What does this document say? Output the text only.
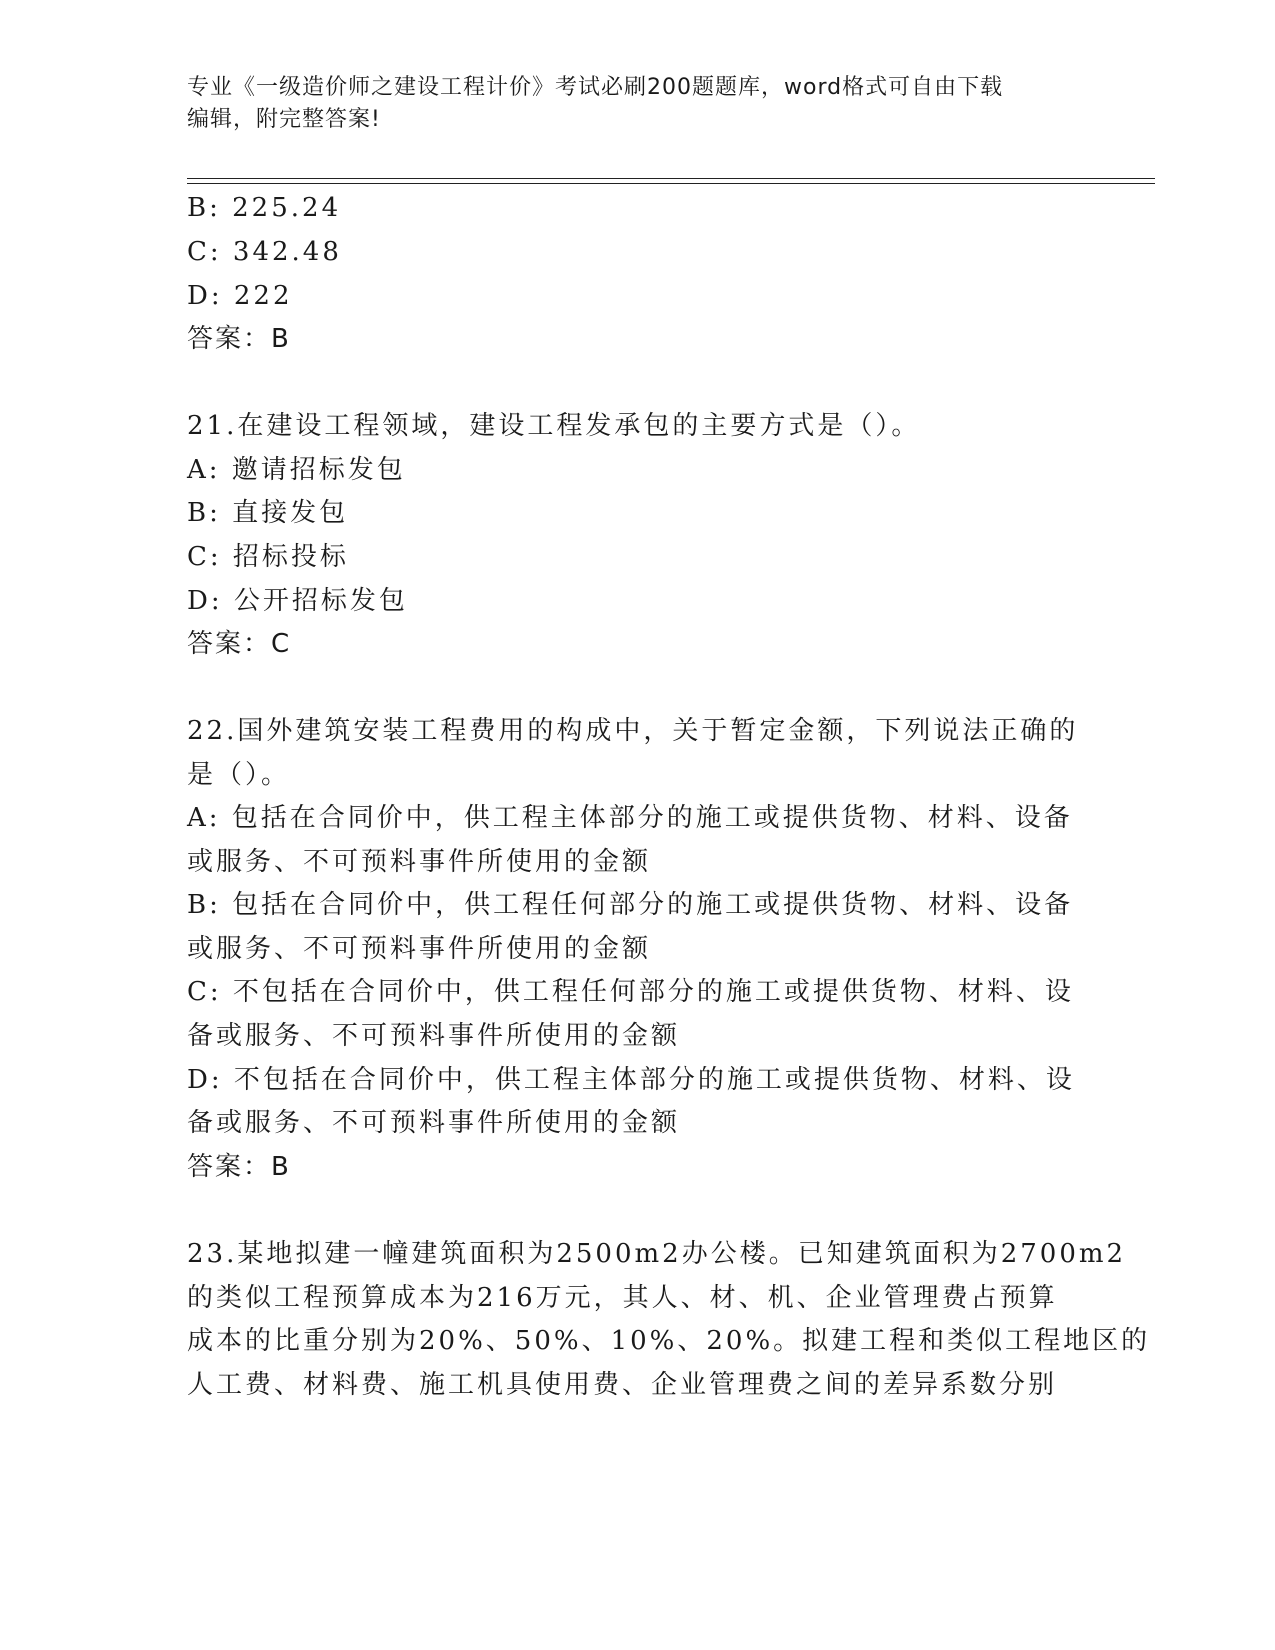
专业《一级造价师之建设工程计价》考试必刷200题题库，word格式可自由下载
编辑，附完整答案!
B: 225.24
C: 342.48
D: 222
答案：B
21.在建设工程领域，建设工程发承包的主要方式是（）。
A: 邀请招标发包
B: 直接发包
C: 招标投标
D: 公开招标发包
答案：C
22.国外建筑安装工程费用的构成中，关于暂定金额，下列说法正确的
是（）。
A: 包括在合同价中，供工程主体部分的施工或提供货物、材料、设备
或服务、不可预料事件所使用的金额
B: 包括在合同价中，供工程任何部分的施工或提供货物、材料、设备
或服务、不可预料事件所使用的金额
C: 不包括在合同价中，供工程任何部分的施工或提供货物、材料、设
备或服务、不可预料事件所使用的金额
D: 不包括在合同价中，供工程主体部分的施工或提供货物、材料、设
备或服务、不可预料事件所使用的金额
答案：B
23.某地拟建一幢建筑面积为2500m2办公楼。已知建筑面积为2700m2
的类似工程预算成本为216万元，其人、材、机、企业管理费占预算
成本的比重分别为20%、50%、10%、20%。拟建工程和类似工程地区的
人工费、材料费、施工机具使用费、企业管理费之间的差异系数分别
